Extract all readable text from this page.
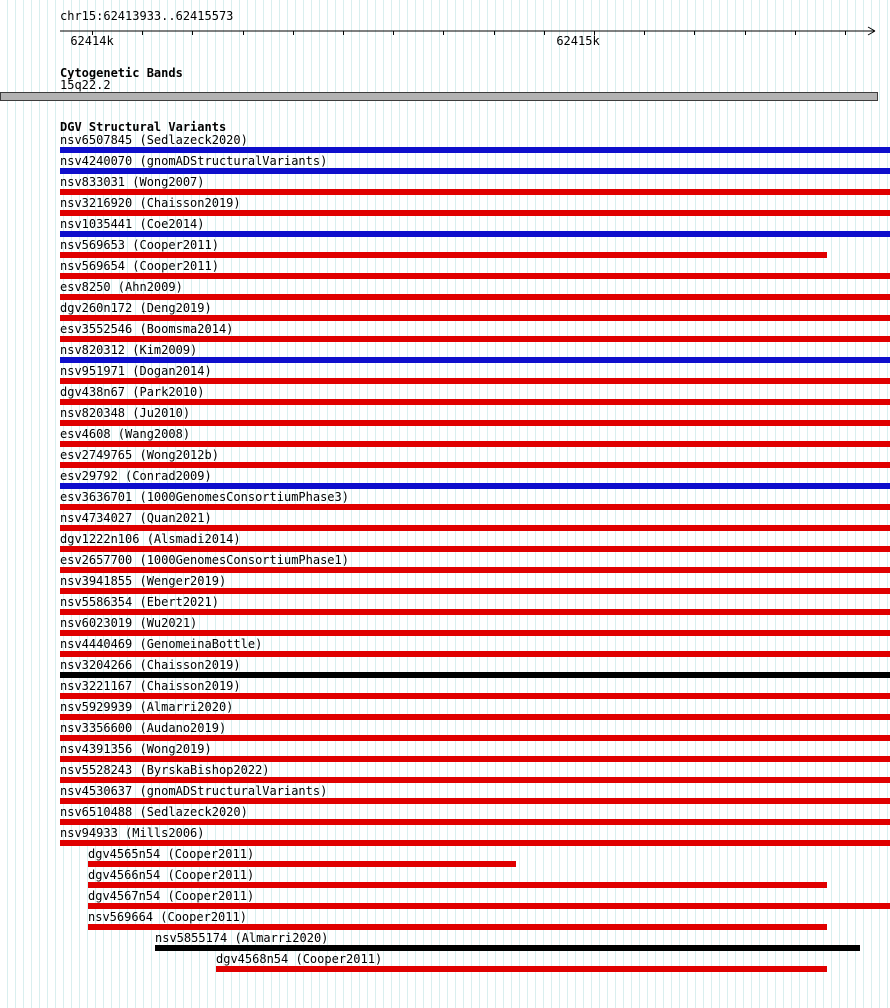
chr15:62413933..62415573
Cytogenetic Bands
15q22.2
DGV Structural Variants
nsv6507845 (Sedlazeck2020)
nsv4240070 (gnomADStructuralVariants)
nsv833031 (Wong2007)
nsv3216920 (Chaisson2019)
nsv1035441 (Coe2014)
nsv569653 (Cooper2011)
nsv569654 (Cooper2011)
esv8250 (Ahn2009)
dgv260n172 (Deng2019)
esv3552546 (Boomsma2014)
nsv820312 (Kim2009)
nsv951971 (Dogan2014)
dgv438n67 (Park2010)
nsv820348 (Ju2010)
esv4608 (Wang2008)
esv2749765 (Wong2012b)
esv29792 (Conrad2009)
esv3636701 (1000GenomesConsortiumPhase3)
nsv4734027 (Quan2021)
dgv1222n106 (Alsmadi2014)
esv2657700 (1000GenomesConsortiumPhase1)
nsv3941855 (Wenger2019)
nsv5586354 (Ebert2021)
nsv6023019 (Wu2021)
nsv4440469 (GenomeinaBottle)
nsv3204266 (Chaisson2019)
nsv3221167 (Chaisson2019)
nsv5929939 (Almarri2020)
nsv3356600 (Audano2019)
nsv4391356 (Wong2019)
nsv5528243 (ByrskaBishop2022)
nsv4530637 (gnomADStructuralVariants)
nsv6510488 (Sedlazeck2020)
nsv94933 (Mills2006)
dgv4565n54 (Cooper2011)
dgv4566n54 (Cooper2011)
dgv4567n54 (Cooper2011)
nsv569664 (Cooper2011)
nsv5855174 (Almarri2020)
dgv4568n54 (Cooper2011)
62414k	62415k
